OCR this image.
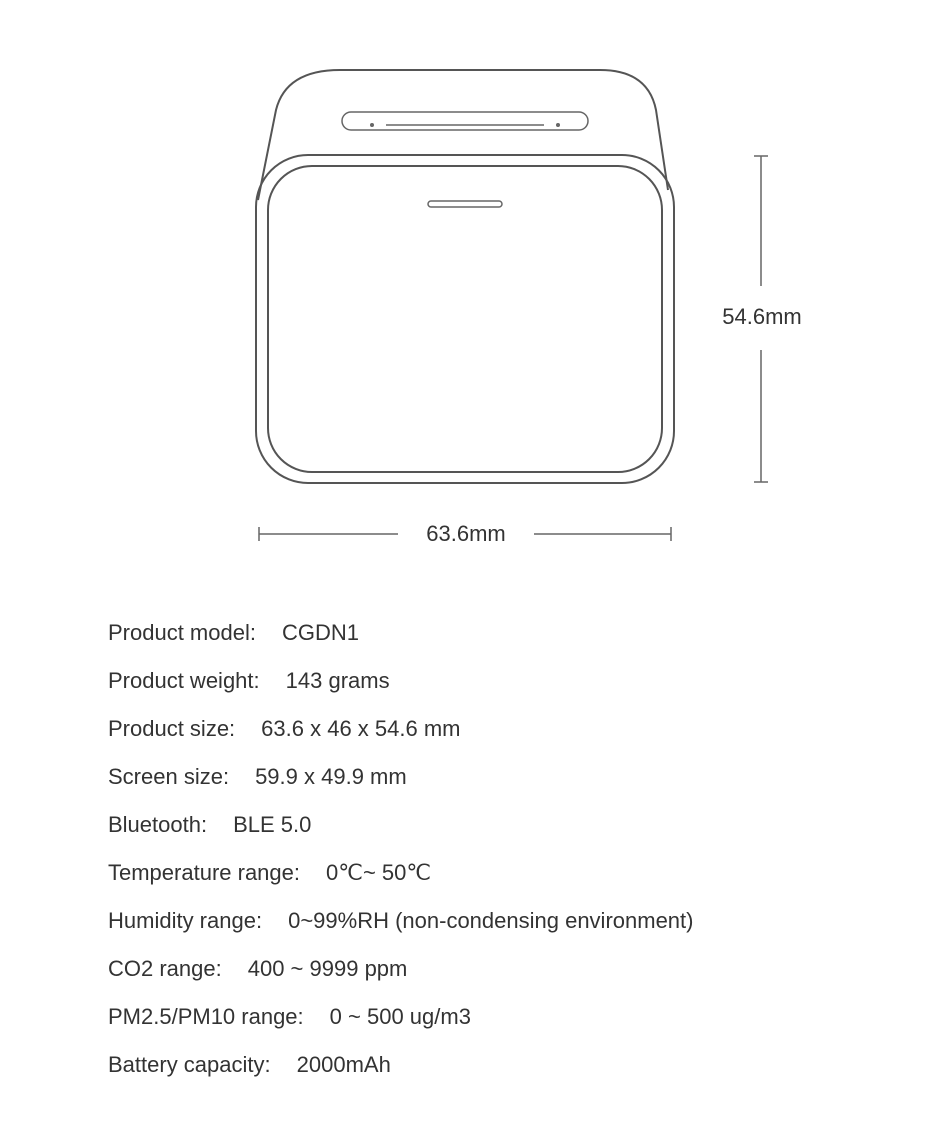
54.6mm
63.6mm
Product model: CGDN1
Product weight: 143 grams
Product size: 63.6 x 46 x 54.6 mm
Screen size: 59.9 x 49.9 mm
Bluetooth: BLE 5.0
Temperature range: 0℃~ 50℃
Humidity range: 0~99%RH (non-condensing environment)
CO2 range: 400 ~ 9999 ppm
PM2.5/PM10 range: 0 ~ 500 ug/m3
Battery capacity: 2000mAh
